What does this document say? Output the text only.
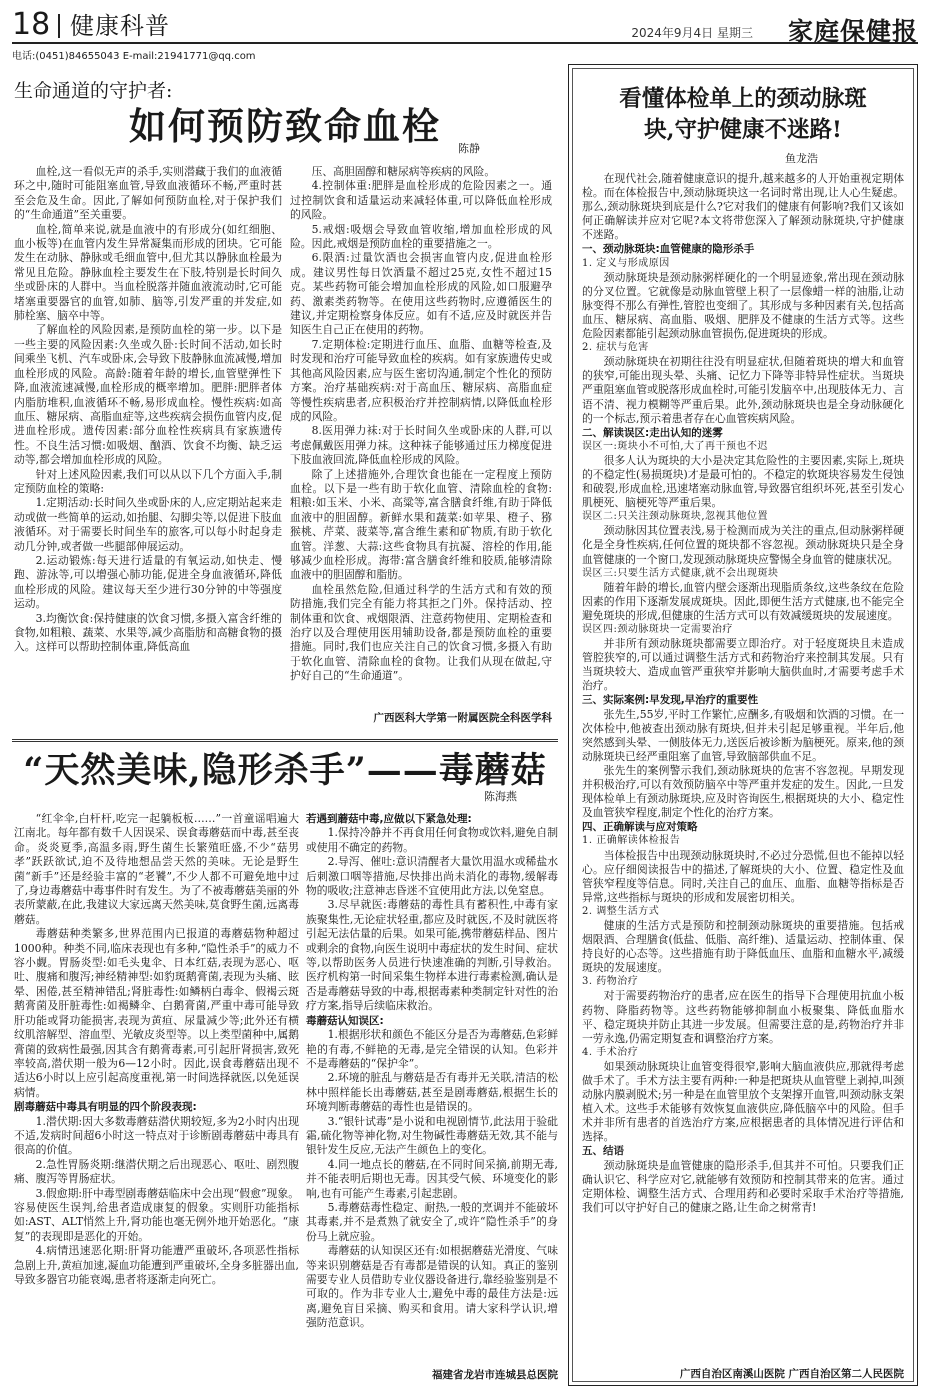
18 健康科普	2024年9月4日 星期三 家庭保健报
电话:(0451)84655043 E-mail:21941771@qq.com
生命通道的守护者:
如何预防致命血栓
陈静

血栓,这一看似无声的杀手,实则潜藏于我们的血液循环之中,随时可能阻塞血管,导致血液循环不畅,严重时甚至会危及生命。因此,了解如何预防血栓,对于保护我们的“生命通道”至关重要。

血栓,简单来说,就是血液中的有形成分(如红细胞、血小板等)在血管内发生异常凝集而形成的团块。它可能发生在动脉、静脉或毛细血管中,但尤其以静脉血栓最为常见且危险。静脉血栓主要发生在下肢,特别是长时间久坐或卧床的人群中。当血栓脱落并随血液流动时,它可能堵塞重要器官的血管,如肺、脑等,引发严重的并发症,如肺栓塞、脑卒中等。

了解血栓的风险因素,是预防血栓的第一步。以下是一些主要的风险因素:久坐或久卧:长时间不活动,如长时间乘坐飞机、汽车或卧床,会导致下肢静脉血流减慢,增加血栓形成的风险。高龄:随着年龄的增长,血管壁弹性下降,血液流速减慢,血栓形成的概率增加。肥胖:肥胖者体内脂肪堆积,血液循环不畅,易形成血栓。慢性疾病:如高血压、糖尿病、高脂血症等,这些疾病会损伤血管内皮,促进血栓形成。遗传因素:部分血栓性疾病具有家族遗传性。不良生活习惯:如吸烟、酗酒、饮食不均衡、缺乏运动等,都会增加血栓形成的风险。

针对上述风险因素,我们可以从以下几个方面入手,制定预防血栓的策略:

1.定期活动:长时间久坐或卧床的人,应定期站起来走动或做一些简单的运动,如抬腿、勾脚尖等,以促进下肢血液循环。对于需要长时间坐车的旅客,可以每小时起身走动几分钟,或者做一些腿部伸展运动。

2.运动锻炼:每天进行适量的有氧运动,如快走、慢跑、游泳等,可以增强心肺功能,促进全身血液循环,降低血栓形成的风险。建议每天至少进行30分钟的中等强度运动。

3.均衡饮食:保持健康的饮食习惯,多摄入富含纤维的食物,如粗粮、蔬菜、水果等,减少高脂肪和高糖食物的摄入。这样可以帮助控制体重,降低高血

压、高胆固醇和糖尿病等疾病的风险。

4.控制体重:肥胖是血栓形成的危险因素之一。通过控制饮食和适量运动来减轻体重,可以降低血栓形成的风险。

5.戒烟:吸烟会导致血管收缩,增加血栓形成的风险。因此,戒烟是预防血栓的重要措施之一。

6.限酒:过量饮酒也会损害血管内皮,促进血栓形成。建议男性每日饮酒量不超过25克,女性不超过15克。某些药物可能会增加血栓形成的风险,如口服避孕药、激素类药物等。在使用这些药物时,应遵循医生的建议,并定期检察身体反应。如有不适,应及时就医并告知医生自己正在使用的药物。

7.定期体检:定期进行血压、血脂、血糖等检查,及时发现和治疗可能导致血栓的疾病。如有家族遗传史或其他高风险因素,应与医生密切沟通,制定个性化的预防方案。治疗基础疾病:对于高血压、糖尿病、高脂血症等慢性疾病患者,应积极治疗并控制病情,以降低血栓形成的风险。

8.医用弹力袜:对于长时间久坐或卧床的人群,可以考虑佩戴医用弹力袜。这种袜子能够通过压力梯度促进下肢血液回流,降低血栓形成的风险。

除了上述措施外,合理饮食也能在一定程度上预防血栓。以下是一些有助于软化血管、清除血栓的食物:粗粮:如玉米、小米、高粱等,富含膳食纤维,有助于降低血液中的胆固醇。新鲜水果和蔬菜:如苹果、橙子、猕猴桃、芹菜、菠菜等,富含维生素和矿物质,有助于软化血管。洋葱、大蒜:这些食物具有抗凝、溶栓的作用,能够减少血栓形成。海带:富含膳食纤维和胶质,能够清除血液中的胆固醇和脂肪。

血栓虽然危险,但通过科学的生活方式和有效的预防措施,我们完全有能力将其拒之门外。保持活动、控制体重和饮食、戒烟限酒、注意药物使用、定期检查和治疗以及合理使用医用辅助设备,都是预防血栓的重要措施。同时,我们也应关注自己的饮食习惯,多摄入有助于软化血管、清除血栓的食物。让我们从现在做起,守护好自己的“生命通道”。

广西医科大学第一附属医院全科医学科
“天然美味,隐形杀手”——毒蘑菇
陈海燕

“红伞伞,白杆杆,吃完一起躺板板……”一首童谣唱遍大江南北。每年都有数千人因误采、误食毒蘑菇而中毒,甚至丧命。炎炎夏季,高温多雨,野生菌生长繁殖旺盛,不少“菇男孝”跃跃欲试,迫不及待地想品尝天然的美味。无论是野生菌“新手”还是经验丰富的“老饕”,不少人都不可避免地中过了,身边毒蘑菇中毒事件时有发生。为了不被毒蘑菇美丽的外表所蒙蔽,在此,我建议大家远离天然美味,莫食野生菌,远离毒蘑菇。

毒蘑菇种类繁多,世界范围内已报道的毒蘑菇物种超过1000种。种类不同,临床表现也有多种,“隐性杀手”的威力不容小觑。胃肠炎型:如毛头鬼伞、日本红菇,表现为恶心、呕吐、腹痛和腹泻;神经精神型:如豹斑鹅膏菌,表现为头痛、眩晕、困倦,甚至精神错乱;肾脏毒性:如鳞柄白毒伞、假褐云斑鹅膏菌及肝脏毒性:如褐鳞伞、白鹅膏菌,严重中毒可能导致肝功能或肾功能损害,表现为黄疸、尿量减少等;此外还有横纹肌溶解型、溶血型、光敏皮炎型等。以上类型菌种中,属鹅膏菌的致病性最强,因其含有鹅膏毒素,可引起肝肾损害,致死率较高,潜伏期一般为6—12小时。因此,误食毒蘑菇出现不适达6小时以上应引起高度重视,第一时间选择就医,以免延误病情。

剧毒蘑菇中毒具有明显的四个阶段表现:

1.潜伏期:因大多数毒蘑菇潜伏期较短,多为2小时内出现不适,发病时间超6小时这一特点对于诊断剧毒蘑菇中毒具有很高的价值。

2.急性胃肠炎期:继潜伏期之后出现恶心、呕吐、剧烈腹痛、腹泻等胃肠症状。

3.假愈期:肝中毒型剧毒蘑菇临床中会出现“假愈”现象。容易使医生误判,给患者造成康复的假象。实则肝功能指标如:AST、ALT悄然上升,肾功能也毫无例外地开始恶化。“康复”的表现即是恶化的开始。

4.病情迅速恶化期:肝肾功能遭严重破坏,各项恶性指标急剧上升,黄疸加速,凝血功能遭到严重破坏,全身多脏器出血,导致多器官功能衰竭,患者将逐渐走向死亡。

若遇到蘑菇中毒,应做以下紧急处理:

1.保持冷静并不再食用任何食物或饮料,避免自制或使用不确定的药物。

2.导泻、催吐:意识清醒者大量饮用温水或稀盐水后刺激口咽等措施,尽快排出尚未消化的毒物,缓解毒物的吸收;注意神志昏迷不宜使用此方法,以免窒息。

3.尽早就医:毒蘑菇的毒性具有蓄积性,中毒有家族聚集性,无论症状轻重,都应及时就医,不及时就医将引起无法估量的后果。如果可能,携带蘑菇样品、图片或剩余的食物,向医生说明中毒症状的发生时间、症状等,以帮助医务人员进行快速准确的判断,引导救治。医疗机构第一时间采集生物样本进行毒素检测,确认是否是毒蘑菇导致的中毒,根据毒素种类制定针对性的治疗方案,指导后续临床救治。

毒蘑菇认知误区:

1.根据形状和颜色不能区分是否为毒蘑菇,色彩鲜艳的有毒,不鲜艳的无毒,是完全错误的认知。色彩并不是毒蘑菇的“保护伞”。

2.环境的脏乱与蘑菇是否有毒并无关联,清洁的松林中照样能长出毒蘑菇,甚至是剧毒蘑菇,根据生长的环境判断毒蘑菇的毒性也是错误的。

3.“银针试毒”是小说和电视剧情节,此法用于验砒霜,硫化物等神化物,对生物碱性毒蘑菇无效,其不能与银针发生反应,无法产生颜色上的变化。

4.同一地点长的蘑菇,在不同时间采摘,前期无毒,并不能表明后期也无毒。因其受气候、环境变化的影响,也有可能产生毒素,引起悲剧。

5.毒蘑菇毒性稳定、耐热,一般的烹调并不能破坏其毒素,并不是煮熟了就安全了,或许“隐性杀手”的身份马上就应验。

毒蘑菇的认知误区还有:如根据蘑菇光滑度、气味等来识别蘑菇是否有毒都是错误的认知。真正的鉴别需要专业人员借助专业仪器设备进行,靠经验鉴别是不可取的。作为非专业人士,避免中毒的最佳方法是:远离,避免盲目采摘、购买和食用。请大家科学认识,增强防范意识。

福建省龙岩市连城县总医院
看懂体检单上的颈动脉斑
块,守护健康不迷路!
鱼龙浩

在现代社会,随着健康意识的提升,越来越多的人开始重视定期体检。而在体检报告中,颈动脉斑块这一名词时常出现,让人心生疑虑。那么,颈动脉斑块到底是什么?它对我们的健康有何影响?我们又该如何正确解读并应对它呢?本文将带您深入了解颈动脉斑块,守护健康不迷路。

一、颈动脉斑块:血管健康的隐形杀手

1. 定义与形成原因

颈动脉斑块是颈动脉粥样硬化的一个明显迹象,常出现在颈动脉的分叉位置。它就像是动脉血管壁上积了一层像蜡一样的油脂,让动脉变得不那么有弹性,管腔也变细了。其形成与多种因素有关,包括高血压、糖尿病、高血脂、吸烟、肥胖及不健康的生活方式等。这些危险因素都能引起颈动脉血管损伤,促进斑块的形成。

2. 症状与危害

颈动脉斑块在初期往往没有明显症状,但随着斑块的增大和血管的狭窄,可能出现头晕、头痛、记忆力下降等非特异性症状。当斑块严重阻塞血管或脱落形成血栓时,可能引发脑卒中,出现肢体无力、言语不清、视力模糊等严重后果。此外,颈动脉斑块也是全身动脉硬化的一个标志,预示着患者存在心血管疾病风险。

二、解读误区:走出认知的迷雾

误区一:斑块小不可怕,大了再干预也不迟

很多人认为斑块的大小是决定其危险性的主要因素,实际上,斑块的不稳定性(易损斑块)才是最可怕的。不稳定的软斑块容易发生侵蚀和破裂,形成血栓,迅速堵塞动脉血管,导致器官组织坏死,甚至引发心肌梗死、脑梗死等严重后果。

误区二:只关注颈动脉斑块,忽视其他位置

颈动脉因其位置表浅,易于检测而成为关注的重点,但动脉粥样硬化是全身性疾病,任何位置的斑块都不容忽视。颈动脉斑块只是全身血管健康的一个窗口,发现颈动脉斑块应警惕全身血管的健康状况。

误区三:只要生活方式健康,就不会出现斑块

随着年龄的增长,血管内壁会逐渐出现脂质条纹,这些条纹在危险因素的作用下逐渐发展成斑块。因此,即便生活方式健康,也不能完全避免斑块的形成,但健康的生活方式可以有效减缓斑块的发展速度。

误区四:颈动脉斑块一定需要治疗

并非所有颈动脉斑块都需要立即治疗。对于轻度斑块且未造成管腔狭窄的,可以通过调整生活方式和药物治疗来控制其发展。只有当斑块较大、造成血管严重狭窄并影响大脑供血时,才需要考虑手术治疗。

三、实际案例:早发现,早治疗的重要性

张先生,55岁,平时工作繁忙,应酬多,有吸烟和饮酒的习惯。在一次体检中,他被查出颈动脉有斑块,但并未引起足够重视。半年后,他突然感到头晕、一侧肢体无力,送医后被诊断为脑梗死。原来,他的颈动脉斑块已经严重阻塞了血管,导致脑部供血不足。

张先生的案例警示我们,颈动脉斑块的危害不容忽视。早期发现并积极治疗,可以有效预防脑卒中等严重并发症的发生。因此,一旦发现体检单上有颈动脉斑块,应及时咨询医生,根据斑块的大小、稳定性及血管狭窄程度,制定个性化的治疗方案。

四、正确解读与应对策略

1. 正确解读体检报告

当体检报告中出现颈动脉斑块时,不必过分恐慌,但也不能掉以轻心。应仔细阅读报告中的描述,了解斑块的大小、位置、稳定性及血管狭窄程度等信息。同时,关注自己的血压、血脂、血糖等指标是否异常,这些指标与斑块的形成和发展密切相关。

2. 调整生活方式

健康的生活方式是预防和控制颈动脉斑块的重要措施。包括戒烟限酒、合理膳食(低盐、低脂、高纤维)、适量运动、控制体重、保持良好的心态等。这些措施有助于降低血压、血脂和血糖水平,减缓斑块的发展速度。

3. 药物治疗

对于需要药物治疗的患者,应在医生的指导下合理使用抗血小板药物、降脂药物等。这些药物能够抑制血小板聚集、降低血脂水平、稳定斑块并防止其进一步发展。但需要注意的是,药物治疗并非一劳永逸,仍需定期复查和调整治疗方案。

4. 手术治疗

如果颈动脉斑块让血管变得很窄,影响大脑血液供应,那就得考虑做手术了。手术方法主要有两种:一种是把斑块从血管壁上剥掉,叫颈动脉内膜剥脱术;另一种是在血管里放个支架撑开血管,叫颈动脉支架植入术。这些手术能够有效恢复血液供应,降低脑卒中的风险。但手术并非所有患者的首选治疗方案,应根据患者的具体情况进行评估和选择。

五、结语

颈动脉斑块是血管健康的隐形杀手,但其并不可怕。只要我们正确认识它、科学应对它,就能够有效预防和控制其带来的危害。通过定期体检、调整生活方式、合理用药和必要时采取手术治疗等措施,我们可以守护好自己的健康之路,让生命之树常青!

广西自治区南溪山医院 广西自治区第二人民医院
